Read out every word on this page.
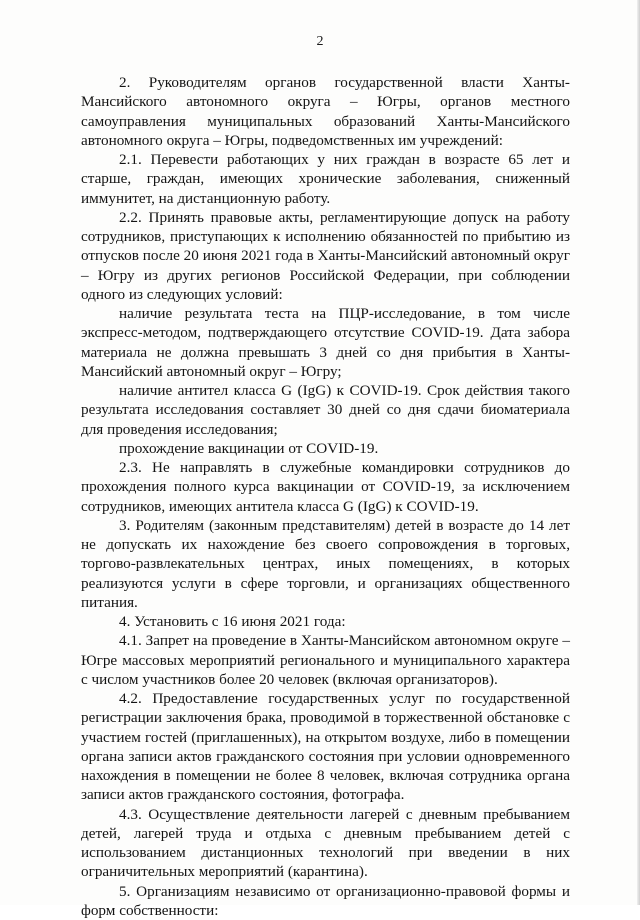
2

2. Руководителям органов государственной власти Ханты-Мансийского автономного округа – Югры, органов местного самоуправления муниципальных образований Ханты-Мансийского автономного округа – Югры, подведомственных им учреждений:

2.1. Перевести работающих у них граждан в возрасте 65 лет и старше, граждан, имеющих хронические заболевания, сниженный иммунитет, на дистанционную работу.

2.2. Принять правовые акты, регламентирующие допуск на работу сотрудников, приступающих к исполнению обязанностей по прибытию из отпусков после 20 июня 2021 года в Ханты-Мансийский автономный округ – Югру из других регионов Российской Федерации, при соблюдении одного из следующих условий:

наличие результата теста на ПЦР-исследование, в том числе экспресс-методом, подтверждающего отсутствие COVID-19. Дата забора материала не должна превышать 3 дней со дня прибытия в Ханты-Мансийский автономный округ – Югру;

наличие антител класса G (IgG) к COVID-19. Срок действия такого результата исследования составляет 30 дней со дня сдачи биоматериала для проведения исследования;

прохождение вакцинации от COVID-19.

2.3. Не направлять в служебные командировки сотрудников до прохождения полного курса вакцинации от COVID-19, за исключением сотрудников, имеющих антитела класса G (IgG) к COVID-19.

3. Родителям (законным представителям) детей в возрасте до 14 лет не допускать их нахождение без своего сопровождения в торговых, торгово-развлекательных центрах, иных помещениях, в которых реализуются услуги в сфере торговли, и организациях общественного питания.

4. Установить с 16 июня 2021 года:

4.1. Запрет на проведение в Ханты-Мансийском автономном округе – Югре массовых мероприятий регионального и муниципального характера с числом участников более 20 человек (включая организаторов).

4.2. Предоставление государственных услуг по государственной регистрации заключения брака, проводимой в торжественной обстановке с участием гостей (приглашенных), на открытом воздухе, либо в помещении органа записи актов гражданского состояния при условии одновременного нахождения в помещении не более 8 человек, включая сотрудника органа записи актов гражданского состояния, фотографа.

4.3. Осуществление деятельности лагерей с дневным пребыванием детей, лагерей труда и отдыха с дневным пребыванием детей с использованием дистанционных технологий при введении в них ограничительных мероприятий (карантина).

5. Организациям независимо от организационно-правовой формы и форм собственности:
